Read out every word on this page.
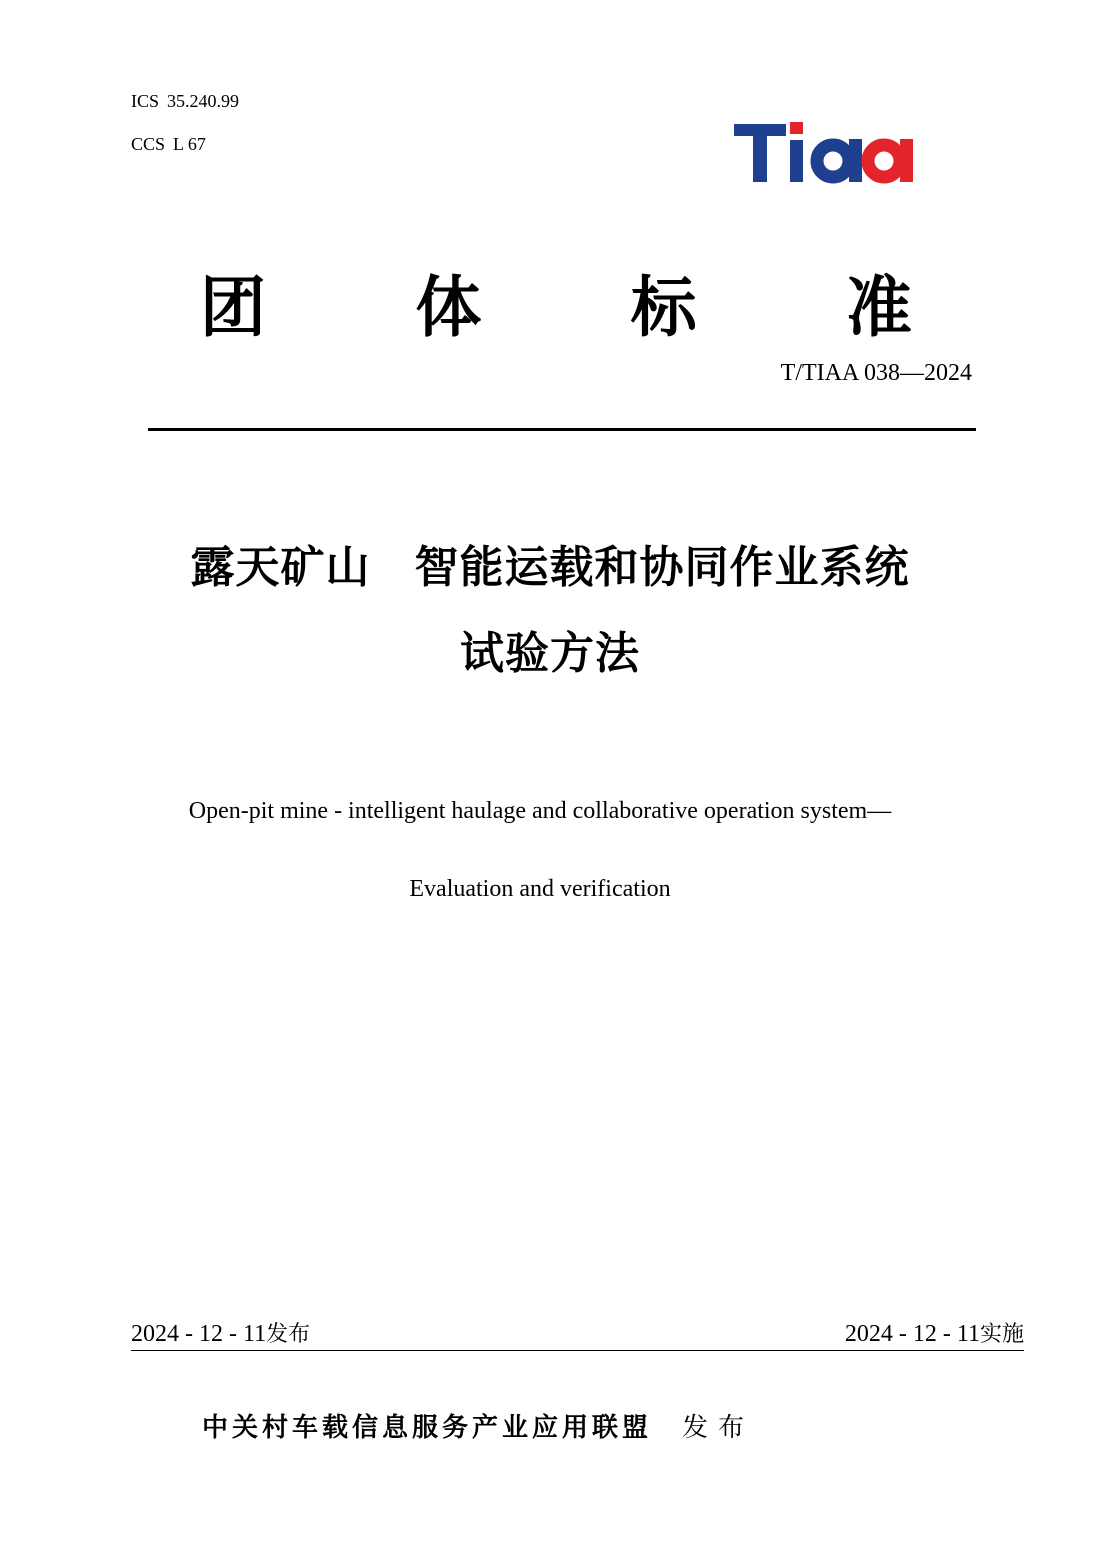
ICS 35.240.99
CCS L 67
团 体 标 准
T/TIAA 038—2024
露天矿山 智能运载和协同作业系统
试验方法
Open-pit mine - intelligent haulage and collaborative operation system—
Evaluation and verification
2024 - 12 - 11发布	2024 - 12 - 11实施
中关村车载信息服务产业应用联盟 发布
